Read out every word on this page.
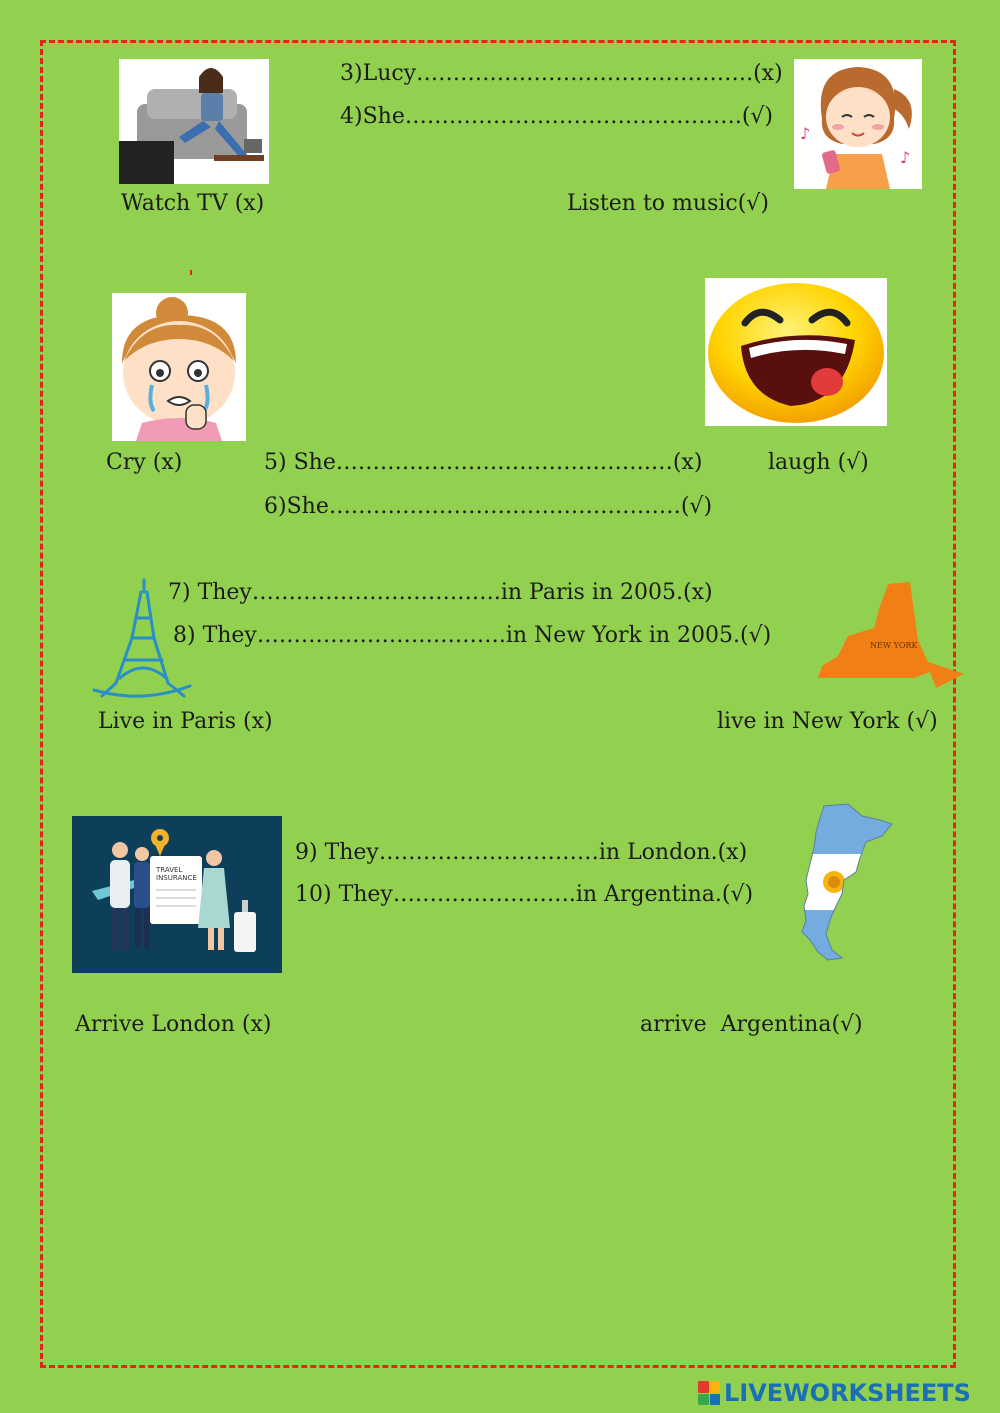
3)Lucy……………………………………….(x)
4)She……………………………………….(√)
♪
♪
Watch TV (x)	Listen to music(√)
Cry (x)	5) She…………………………………….…(x)	laugh (√)
6)She…………………………………………(√)
7) They…………………………….in Paris in 2005.(x)
8) They…………………………….in New York in 2005.(√)	NEW YORK
Live in Paris (x)	live in New York (√)
TRAVEL
INSURANCE
9) They…………………………in London.(x)
10) They…………………….in Argentina.(√)
Arrive London (x)	arrive  Argentina(√)
LIVEWORKSHEETS
